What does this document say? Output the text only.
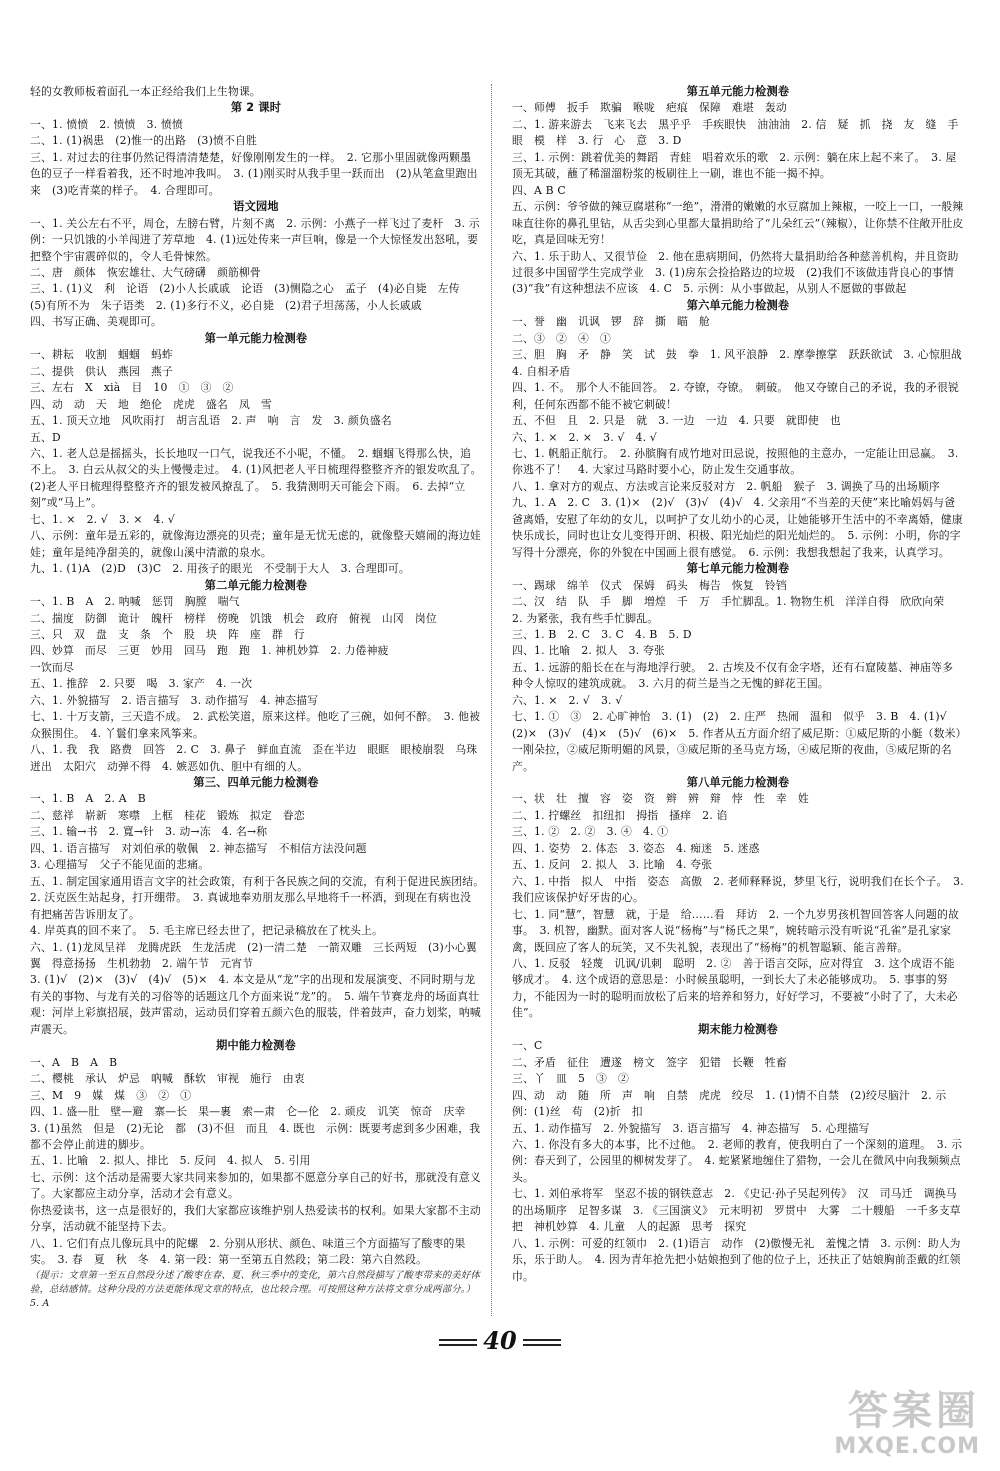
轻的女教师板着面孔一本正经给我们上生物课。

第 2 课时

一、1. 愤愤　2. 愤愤　3. 愤愤

二、1. (1)祸患　(2)惟一的出路　(3)愤不自胜

三、1. 对过去的往事仍然记得清清楚楚，好像刚刚发生的一样。　2. 它那小里固就像两颗墨色的豆子一样看着我，还不时地冲我叫。　3. (1)刚买时从我手里一跃而出　(2)从笔盒里跑出来　(3)吃青菜的样子。　4. 合理即可。

语文园地

一、1. 关公左右不平，周仓，左膀右臂，片刻不离　2. 示例：小燕子一样飞过了麦杆　3. 示例：一只饥饿的小羊闯进了芳草地　4. (1)远处传来一声巨响，像是一个大惊怪发出怒吼，要把整个宇宙震碎似的，令人毛骨悚然。

二、唐　颜体　恢宏雄壮、大气磅礴　颜筋柳骨

三、1. (1)义　利　论语　(2)小人长戚戚　论语　(3)恻隐之心　孟子　(4)必自毙　左传　(5)有所不为　朱子语类　2. (1)多行不义，必自毙　(2)君子坦荡荡，小人长戚戚

四、书写正确、美观即可。

第一单元能力检测卷

一、耕耘　收割　蝈蝈　蚂蚱

二、提供　供认　燕园　燕子

三、左右　X　xià　目　10　①　③　②

四、动　动　天　地　绝伦　虎虎　盛名　凤　雪

五、1. 顶天立地　风吹雨打　胡言乱语　2. 声　响　言　发　3. 颜负盛名

五、D

六、1. 老人总是摇摇头，长长地叹一口气，说我还不小呢，不懂。　2. 蝈蝈飞得那么快，追不上。　3. 白云从叔父的头上慢慢走过。　4. (1)风把老人平日梳理得整整齐齐的银发吹乱了。　(2)老人平日梳理得整整齐齐的银发被风撩乱了。　5. 我猜测明天可能会下雨。　6. 去掉“立刻”或“马上”。

七、1. ×　2. √　3. ×　4. √

八、示例：童年是五彩的，就像海边漂亮的贝壳；童年是无忧无虑的，就像整天嬉闹的海边娃娃；童年是纯净甜美的，就像山溪中清澈的泉水。

九、1. (1)A　(2)D　(3)C　2. 用孩子的眼光　不受制于大人　3. 合理即可。

第二单元能力检测卷

一、1. B　A　2. 呐喊　惩罚　胸膛　喘气

二、揣度　防御　诡计　魄杆　榜样　傍晚　饥饿　机会　政府　俯视　山冈　岗位

三、只　双　盘　支　条　个　股　块　阵　座　群　行

四、妙算　而尽　三更　妙用　回马　跑　跑　1. 神机妙算　2. 力倦神疲

一饮而尽

五、1. 推辞　2. 只要　喝　3. 家产　4. 一次

六、1. 外貌描写　2. 语言描写　3. 动作描写　4. 神态描写

七、1. 十万支箭，三天造不成。　2. 武松笑道，原来这样。他吃了三碗，如何不醉。　3. 他被众猴围住。　4. 丫鬟们拿来风筝来。

八、1. 我　我　路费　回答　2. C　3. 鼻子　鲜血直流　歪在半边　眼眶　眼棱崩裂　乌珠迸出　太阳穴　动弹不得　4. 嫉恶如仇、胆中有细的人。

第三、四单元能力检测卷

一、1. B　A　2. A　B

二、慈祥　崭新　寒噤　上框　桂花　锻炼　拟定　眷恋

三、1. 输→书　2. 寬→针　3. 动→冻　4. 名→称

四、1. 语言描写　对刘伯承的敬佩　2. 神态描写　不相信方法没问题

3. 心理描写　父子不能见面的悲痛。

五、1. 制定国家通用语言文字的社会政策，有利于各民族之间的交流，有利于促进民族团结。　2. 沃克医生站起身，打开绷带。　3. 真诚地奉劝朋友那么早地将千一杯酒，到现在有病也没有把痛苦告诉朋友了。

4. 岸英真的回不来了。　5. 毛主席已经去世了，把记录稿放在了枕头上。

六、1. (1)龙凤呈祥　龙腾虎跃　生龙活虎　(2)一清二楚　一箭双雕　三长两短　(3)小心翼翼　得意扬扬　生机勃勃　2. 端午节　元宵节

3. (1)√　(2)×　(3)√　(4)√　(5)×　4. 本文是从“龙”字的出现和发展演变、不同时期与龙有关的事物、与龙有关的习俗等的话题这几个方面来说“龙”的。　5. 端午节赛龙舟的场面真壮观：河岸上彩旗招展，鼓声雷动，运动员们穿着五颜六色的服装，伴着鼓声，奋力划桨，呐喊声震天。

期中能力检测卷

一、A　B　A　B

二、樱桃　承认　炉忌　吶喊　酥软　审视　施行　由衷

三、M　9　媒　煤　③　②　①

四、1. 盛—肚　壁—避　寨—长　果—裹　索—肃　仑—伦　2. 顽皮　讥笑　惊奇　庆幸　3. (1)虽然　但是　(2)无论　都　(3)不但　而且　4. 既也　示例：既要考虑到多少困难，我都不会停止前进的脚步。

五、1. 比喻　2. 拟人、排比　5. 反问　4. 拟人　5. 引用

七、示例：这个活动是需要大家共同来参加的，如果都不愿意分享自己的好书，那就没有意义了。大家都应主动分享，活动才会有意义。

你热爱读书，这一点是很好的，我们大家都应该维护别人热爱读书的权利。如果大家都不主动分享，活动就不能坚持下去。

八、1. 它们有点儿像玩具中的陀螺　2. 分别从形状、颜色、味道三个方面描写了酸枣的果实。　3. 春　夏　秋　冬　4. 第一段：第一至第五自然段；第二段：第六自然段。

（提示：文章第一至五自然段分述了酸枣在春、夏、秋三季中的变化，第六自然段描写了酸枣带来的美好体验，总结感情。这种分段的方法更能体现文章的特点，也比较合理。可按照这种方法将文章分成两部分。）　5. A

第五单元能力检测卷

一、师傅　扳手　欺骗　喉咙　疤痕　保障　难堪　轰动

二、1. 游来游去　飞来飞去　黑乎乎　手疾眼快　油油油　2. 信　疑　抓　挠　友　缝　手　眼　模　样　3. 行　心　意　3. D

三、1. 示例：跳着优美的舞蹈　青蛙　唱着欢乐的歌　2. 示例：躺在床上起不来了。　3. 屋顶无其破，蘸了稀溜溜粉浆的板刷往上一刷，谁也不能一揭不掉。

四、A B C

五、示例：爷爷做的辣豆腐堪称“一绝”，滑滑的嫩嫩的水豆腐加上辣椒，一咬上一口，一般辣味直往你的鼻孔里钻，从舌尖到心里都大量捐助给了“儿朵红云”（辣椒），让你禁不住敞开肚皮吃，真是回味无穷！

六、1. 乐于助人、又很节俭　2. 他在患病期间，仍然将大量捐助给各种慈善机构，并且资助过很多中国留学生完成学业　3. (1)房东会捡拾路边的垃圾　(2)我们不该做违背良心的事情　(3)“我”有这种想法不应该　4. C　5. 示例：从小事做起，从别人不愿做的事做起

第六单元能力检测卷

一、誉　幽　讥讽　锣　辞　撕　瞄　舱

二、③　②　④　①

三、胆　胸　矛　静　笑　试　鼓　拳　1. 风平浪静　2. 摩拳擦掌　跃跃欲试　3. 心惊胆战　4. 自相矛盾

四、1. 不。　那个人不能回答。　2. 夺镣，夺镣。　刺破。　他又夺镣自己的矛说，我的矛很锐利，任何东西都不能不被它刺破！

五、不但　且　2. 只是　就　3. 一边　一边　4. 只要　就即使　也

六、1. ×　2. ×　3. √　4. √

七、1. 帆船正航行。　2. 孙膑胸有成竹地对田忌说，按照他的主意办，一定能让田忌赢。　3. 你逃不了！　4. 大家过马路时要小心，防止发生交通事故。

八、1. 拿对方的观点、方法或言论来反驳对方　2. 帆船　猴子　3. 调换了马的出场顺序

九、1. A　2. C　3. (1)×　(2)√　(3)√　(4)√　4. 父亲用“不当差的天使”来比喻妈妈与爸爸离婚，安慰了年幼的女儿，以呵护了女儿幼小的心灵，让她能够开生活中的不幸离婚，健康快乐成长，同时也让女儿变得开朗、积极、阳光灿烂的阳光灿烂的。　5. 示例：小明，你的字写得十分漂亮，你的外貌在中国画上很有感觉。　6. 示例：我想我想起了我来，认真学习。

第七单元能力检测卷

一、踢球　绵羊　仪式　保姆　码头　梅告　恢复　铃铛

二、汉　结　队　手　脚　増煌　千　万　手忙脚乱。1. 物物生机　洋洋自得　欣欣向荣　2. 为紧张，我有些手忙脚乱。

三、1. B　2. C　3. C　4. B　5. D

四、1. 比喻　2. 拟人　3. 夸张

五、1. 远游的船长在在与海地浮行驶。　2. 古埃及不仅有金字塔，还有石窟陵墓、神庙等多种令人惊叹的建筑成就。　3. 六月的荷兰是当之无愧的鲜花王国。

六、1. ×　2. √　3. √

七、1. ①　③　2. 心旷神怡　3. (1)　(2)　2. 庄严　热闹　温和　似乎　3. B　4. (1)√　(2)×　(3)√　(4)×　(5)√　(6)×　5. 作者从五方面介绍了威尼斯：①威尼斯的小艇（数米）　一刚朵拉，②威尼斯明媚的风景，③威尼斯的圣马克方场，④威尼斯的夜曲，⑤威尼斯的名产。

第八单元能力检测卷

一、状　壮　擅　容　姿　资　辫　辨　辩　悖　性　幸　姓

二、1. 拧螺丝　扣纽扣　拇指　搔痒　2. 谄

三、1. ②　2. ②　3. ④　4. ①

四、1. 姿势　2. 体态　3. 姿态　4. 痴迷　5. 迷惑

五、1. 反问　2. 拟人　3. 比喻　4. 夸张

六、1. 中指　拟人　中指　姿态　高傲　2. 老师释释说，梦里飞行，说明我们在长个子。　3. 我们应该保护好牙齿的心。

七、1. 同“慧”，智慧　就，于是　给……看　拜访　2. 一个九岁男孩机智回答客人问题的故事。　3. 机智，幽默。面对客人说“杨梅”与“杨氏之果”，婉转暗示没有听说“孔雀”是孔家家禽，既回应了客人的玩笑，又不失礼貌，表现出了“杨梅”的机智聪颖、能言善辩。

八、1. 反驳　轻蔑　讥讽/讥刺　聪明　2. ②　善于语言交际，应对得宜　3. 这个成语不能够成才。　4. 这个成语的意思是：小时候虽聪明，一到长大了未必能够成功。　5. 事事的努力，不能因为一时的聪明而放松了后来的培养和努力，好好学习，不要被“小时了了，大未必佳”。

期末能力检测卷

一、C

二、矛盾　征住　遭遂　榜文　签字　犯错　长鞭　牲畜

三、丫　皿　5　③　②

四、动　动　随　所　声　响　自禁　虎虎　绞尽　1. (1)情不自禁　(2)绞尽脑汁　2. 示例：(1)丝　苟　(2)折　扣

五、1. 动作描写　2. 外貌描写　3. 语言描写　4. 神态描写　5. 心理描写

六、1. 你没有多大的本事，比不过他。　2. 老师的教育，使我明白了一个深刻的道理。　3. 示例：春天到了，公园里的柳树发芽了。　4. 蛇紧紧地缠住了猎物，一会儿在微风中向我频频点头。

七、1. 刘伯承将军　坚忍不拔的钢铁意志　2. 《史记·孙子吴起列传》　汉　司马迁　调换马的出场顺序　足智多谋　3. 《三国演义》　元末明初　罗贯中　大雾　二十艘船　一千多支草把　神机妙算　4. 儿童　人的起源　思考　探究

八、1. 示例：可爱的红领巾　2. (1)语言　动作　(2)傲慢无礼　羞愧之情　3. 示例：助人为乐，乐于助人。　4. 因为青年抢先把小姑娘抱到了他的位子上，还扶正了姑娘胸前歪戴的红领巾。

40
答案圈
MXQE.COM
